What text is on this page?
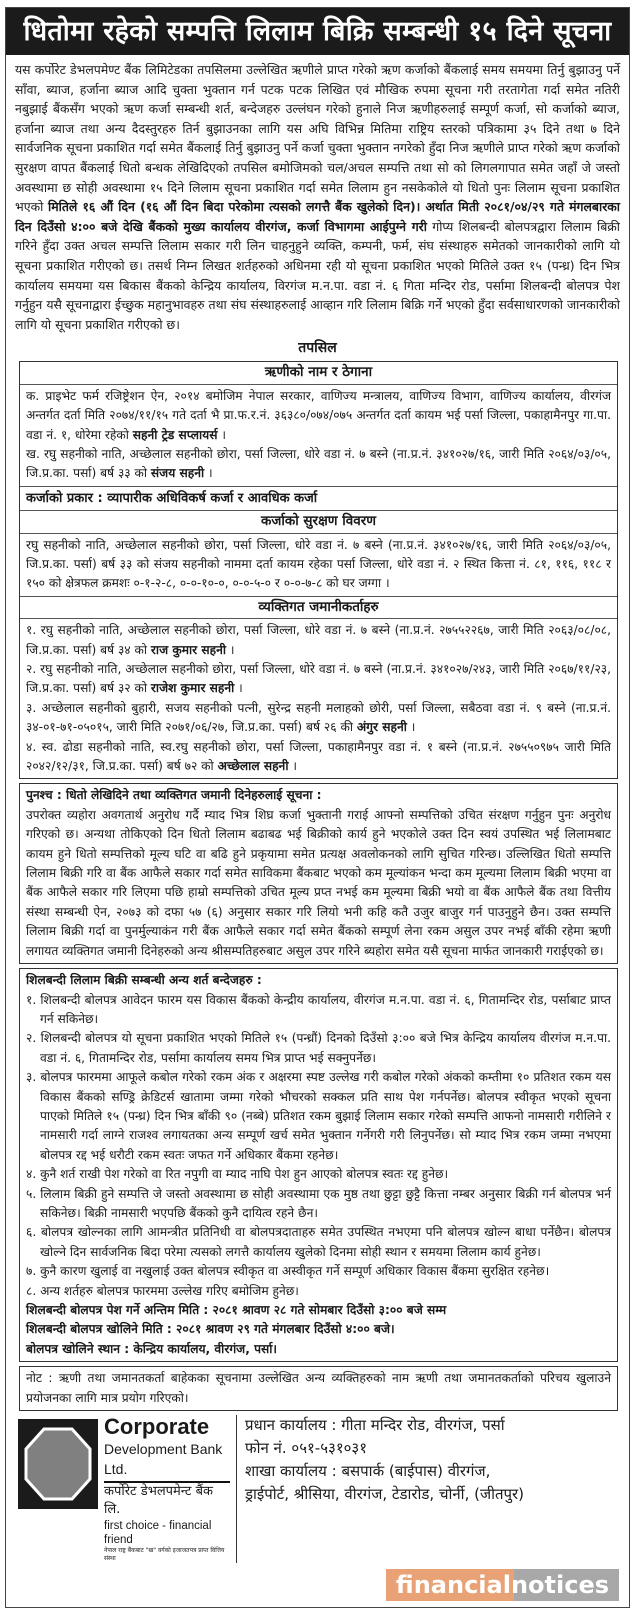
धितोमा रहेको सम्पत्ति लिलाम बिक्रि सम्बन्धी १५ दिने सूचना
यस कर्पोरेट डेभलपमेण्ट बैंक लिमिटेडका तपसिलमा उल्लेखित ऋणीले प्राप्त गरेको ऋण कर्जाको बैंकलाई समय समयमा तिर्नु बुझाउनु पर्ने साँवा, ब्याज, हर्जाना ब्याज आदि चुक्ता भुक्तान गर्न पटक पटक लिखित एवं मौखिक रुपमा सूचना गरी तरतागेता गर्दा समेत नतिरी नबुझाई बैंकसँग भएको ऋण कर्जा सम्बन्धी शर्त, बन्देजहरु उल्लंघन गरेको हुनाले निज ऋणीहरुलाई सम्पूर्ण कर्जा, सो कर्जाको ब्याज, हर्जाना ब्याज तथा अन्य दैदस्तुरहरु तिर्न बुझाउनका लागि यस अघि विभिन्न मितिमा राष्ट्रिय स्तरको पत्रिकामा ३५ दिने तथा ७ दिने सार्वजनिक सूचना प्रकाशित गर्दा समेत बैंकलाई तिर्नु बुझाउनु पर्ने कर्जा चुक्ता भुक्तान नगरेको हुँदा निज ऋणीले प्राप्त गरेको ऋण कर्जाको सुरक्षण वापत बैंकलाई धितो बन्धक लेखिदिएको तपसिल बमोजिमको चल/अचल सम्पत्ति तथा सो को लिगलगापात समेत जहाँ जे जस्तो अवस्थामा छ सोही अवस्थामा १५ दिने लिलाम सूचना प्रकाशित गर्दा समेत लिलाम हुन नसकेकोले यो धितो पुनः लिलाम सूचना प्रकाशित भएको मितिले १६ औं दिन (१६ औं दिन बिदा परेकोमा त्यसको लगत्तै बैंक खुलेको दिन)। अर्थात मिती २०८१/०४/२९ गते मंगलबारका दिन दिउँसो ४:०० बजे देखि बैंकको मुख्य कार्यालय वीरगंज, कर्जा विभागमा आईपुग्ने गरी गोप्य शिलबन्दी बोलपत्रद्वारा लिलाम बिक्री गरिने हुँदा उक्त अचल सम्पत्ति लिलाम सकार गरी लिन चाहनुहुने व्यक्ति, कम्पनी, फर्म, संघ संस्थाहरु समेतको जानकारीको लागि यो सूचना प्रकाशित गरीएको छ। तसर्थ निम्न लिखत शर्तहरुको अधिनमा रही यो सूचना प्रकाशित भएको मितिले उक्त १५ (पन्ध्र) दिन भित्र कार्यालय समयमा यस बिकास बैंकको केन्द्रिय कार्यालय, विरगंज म.न.पा. वडा नं. ६ गिता मन्दिर रोड, पर्सामा शिलबन्दी बोलपत्र पेश गर्नुहुन यसै सूचनाद्वारा ईच्छुक महानुभावहरु तथा संघ संस्थाहरुलाई आव्हान गरि लिलाम बिक्रि गर्ने भएको हुँदा सर्वसाधारणको जानकारीको लागि यो सूचना प्रकाशित गरीएको छ।
तपसिल
ऋणीको नाम र ठेगाना
क. प्राइभेट फर्म रजिष्ट्रेशन ऐन, २०१४ बमोजिम नेपाल सरकार, वाणिज्य मन्त्रालय, वाणिज्य विभाग, वाणिज्य कार्यालय, वीरगंज अन्तर्गत दर्ता मिति २०७४/११/१५ गते दर्ता भै प्रा.फ.र.नं. ३६३८०/०७४/०७५ अन्तर्गत दर्ता कायम भई पर्सा जिल्ला, पकाहामैनपुर गा.पा. वडा नं. १, धोरेमा रहेको सहनी ट्रेड सप्लायर्स ।
ख. रघु सहनीको नाति, अच्छेलाल सहनीको छोरा, पर्सा जिल्ला, धोरे वडा नं. ७ बस्ने (ना.प्र.नं. ३४१०२७/१६, जारी मिति २०६४/०३/०५, जि.प्र.का. पर्सा) बर्ष ३३ को संजय सहनी ।
कर्जाको प्रकार : व्यापारीक अधिविकर्ष कर्जा र आवधिक कर्जा
कर्जाको सुरक्षण विवरण
रघु सहनीको नाति, अच्छेलाल सहनीको छोरा, पर्सा जिल्ला, धोरे वडा नं. ७ बस्ने (ना.प्र.नं. ३४१०२७/१६, जारी मिति २०६४/०३/०५, जि.प्र.का. पर्सा) बर्ष ३३ को संजय सहनीको नाममा दर्ता कायम रहेका पर्सा जिल्ला, धोरे वडा नं. २ स्थित कित्ता नं. ८१, ११६, ११८ र १५० को क्षेत्रफल क्रमशः ०-१-२-८, ०-०-१०-०, ०-०-५-० र ०-०-७-८ को घर जग्गा ।
व्यक्तिगत जमानीकर्ताहरु
१. रघु सहनीको नाति, अच्छेलाल सहनीको छोरा, पर्सा जिल्ला, धोरे वडा नं. ७ बस्ने (ना.प्र.नं. २७५५२२६७, जारी मिति २०६३/०८/०८, जि.प्र.का. पर्सा) बर्ष ३४ को राज कुमार सहनी ।
२. रघु सहनीको नाति, अच्छेलाल सहनीको छोरा, पर्सा जिल्ला, धोरे वडा नं. ७ बस्ने (ना.प्र.नं. ३४१०२७/२४३, जारी मिति २०६७/११/२३, जि.प्र.का. पर्सा) बर्ष ३२ को राजेश कुमार सहनी ।
३. अच्छेलाल सहनीको बुहारी, सजय सहनीको पत्नी, सुरेन्द्र सहनी मलाहको छोरी, पर्सा जिल्ला, सबैठवा वडा नं. ९ बस्ने (ना.प्र.नं. ३४-०१-७१-०५०१५, जारी मिति २०७१/०६/२७, जि.प्र.का. पर्सा) बर्ष २६ की अंगुर सहनी ।
४. स्व. ढोडा सहनीको नाति, स्व.रघु सहनीको छोरा, पर्सा जिल्ला, पकाहामैनपुर वडा नं. १ बस्ने (ना.प्र.नं. २७५५०९७५ जारी मिति २०४२/१२/३१, जि.प्र.का. पर्सा) बर्ष ७२ को अच्छेलाल सहनी ।
पुनश्च : धितो लेखिदिने तथा व्यक्तिगत जमानी दिनेहरुलाई सूचना :
उपरोक्त व्यहोरा अवगतार्थ अनुरोध गर्दै म्याद भित्र शिघ्र कर्जा भुक्तानी गराई आफ्नो सम्पत्तिको उचित संरक्षण गर्नुहुन पुनः अनुरोध गरिएको छ। अन्यथा तोकिएको दिन धितो लिलाम बढाबढ भई बिक्रीको कार्य हुने भएकोले उक्त दिन स्वयं उपस्थित भई लिलामबाट कायम हुने धितो सम्पत्तिको मूल्य घटि वा बढि हुने प्रकृयामा समेत प्रत्यक्ष अवलोकनको लागि सुचित गरिन्छ। उल्लिखित धितो सम्पत्ति लिलाम बिक्री गरि वा बैंक आफैले सकार गर्दा समेत साविकमा बैंकबाट भएको कम मूल्यांकन भन्दा कम मूल्यमा लिलाम बिक्री भएमा वा बैंक आफैले सकार गरि लिएमा पछि हाम्रो सम्पत्तिको उचित मूल्य प्रप्त नभई कम मूल्यमा बिक्री भयो वा बैंक आफैले बैंक तथा वित्तीय संस्था सम्बन्धी ऐन, २०७३ को दफा ५७ (६) अनुसार सकार गरि लियो भनी कहि कतै उजुर बाजुर गर्न पाउनुहुने छैन। उक्त सम्पत्ति लिलाम बिक्री गर्दा वा पुनर्मुल्याकंन गरी बैंक आफैले सकार गर्दा समेत बैंकको सम्पूर्ण लेना रकम असुल उपर नभई बाँकी रहेमा ऋणी लगायत व्यक्तिगत जमानी दिनेहरुको अन्य श्रीसम्पतिहरुबाट असुल उपर गरिने ब्यहोरा समेत यसै सूचना मार्फत जानकारी गराईएको छ।
शिलबन्दी लिलाम बिक्री सम्बन्धी अन्य शर्त बन्देजहरु :
१. शिलबन्दी बोलपत्र आवेदन फारम यस विकास बैंकको केन्द्रीय कार्यालय, वीरगंज म.न.पा. वडा नं. ६, गितामन्दिर रोड, पर्साबाट प्राप्त गर्न सकिनेछ।
२. शिलबन्दी बोलपत्र यो सूचना प्रकाशित भएको मितिले १५ (पन्ध्रौं) दिनको दिउँसो ३:०० बजे भित्र केन्द्रिय कार्यालय वीरगंज म.न.पा. वडा नं. ६, गितामन्दिर रोड, पर्सामा कार्यालय समय भित्र प्राप्त भई सक्नुपर्नेछ।
३. बोलपत्र फारममा आफूले कबोल गरेको रकम अंक र अक्षरमा स्पष्ट उल्लेख गरी कबोल गरेको अंकको कम्तीमा १० प्रतिशत रकम यस विकास बैंकको सण्ड्रि क्रेडिटर्स खातामा जम्मा गरेको भौचरको सक्कल प्रति साथ पेश गर्नपर्नेछ। बोलपत्र स्वीकृत भएको सूचना पाएको मितिले १५ (पन्ध्र) दिन भित्र बाँकी ९० (नब्बे) प्रतिशत रकम बुझाई लिलाम सकार गरेको सम्पत्ति आफनो नामसारी गरीलिने र नामसारी गर्दा लाग्ने राजश्व लगायतका अन्य सम्पूर्ण खर्च समेत भुक्तान गर्नेगरी गरी लिनुपर्नेछ। सो म्याद भित्र रकम जम्मा नभएमा बोलपत्र रद्द भई धरौटी रकम स्वतः जफत गर्ने अधिकार बैंकमा रहनेछ।
४. कुनै शर्त राखी पेश गरेको वा रित नपुगी वा म्याद नाघि पेश हुन आएको बोलपत्र स्वतः रद्द हुनेछ।
५. लिलाम बिक्री हुने सम्पत्ति जे जस्तो अवस्थामा छ सोही अवस्थामा एक मुष्ठ तथा छुट्टा छुट्टै कित्ता नम्बर अनुसार बिक्री गर्न बोलपत्र भर्न सकिनेछ। बिक्री नामसारी भएपछि बैंकको कुनै दायित्व रहने छैन।
६. बोलपत्र खोल्नका लागि आमन्त्रीत प्रतिनिधी वा बोलपत्रदाताहरु समेत उपस्थित नभएमा पनि बोलपत्र खोल्न बाधा पर्नेछैन। बोलपत्र खोल्ने दिन सार्वजनिक बिदा परेमा त्यसको लगत्तै कार्यालय खुलेको दिनमा सोही स्थान र समयमा लिलाम कार्य हुनेछ।
७. कुनै कारण खुलाई वा नखुलाई उक्त बोलपत्र स्वीकृत वा अस्वीकृत गर्ने सम्पूर्ण अधिकार विकास बैंकमा सुरक्षित रहनेछ।
८. अन्य शर्तहरु बोलपत्र फारममा उल्लेख गरिए बमोजिम हुनेछ।
शिलबन्दी बोलपत्र पेश गर्ने अन्तिम मिति : २०८१ श्रावण २८ गते सोमबार दिउँसो ३:०० बजे सम्म
शिलबन्दी बोलपत्र खोलिने मिति : २०८१ श्रावण २९ गते मंगलबार दिउँसो ४:०० बजे।
बोलपत्र खोलिने स्थान : केन्द्रिय कार्यालय, वीरगंज, पर्सा।
नोट : ऋणी तथा जमानतकर्ता बाहेकका सूचनामा उल्लेखित अन्य व्यक्तिहरुको नाम ऋणी तथा जमानतकर्ताको परिचय खुलाउने प्रयोजनका लागि मात्र प्रयोग गरिएको।
Corporate
Development Bank Ltd.
कर्पोरेट डेभलपमेन्ट बैंक लि.
first choice - financial friend
नेपाल राष्ट्र बैंकबाट "ख" वर्गको इजाजतपत्र प्राप्त वित्तिय संस्था
प्रधान कार्यालय : गीता मन्दिर रोड, वीरगंज, पर्सा
फोन नं. ०५१-५३१०३१
शाखा कार्यालय : बसपार्क (बाईपास) वीरगंज,
ड्राईपोर्ट, श्रीसिया, वीरगंज, टेडारोड, चोर्नी, (जीतपुर)
financialnotices
